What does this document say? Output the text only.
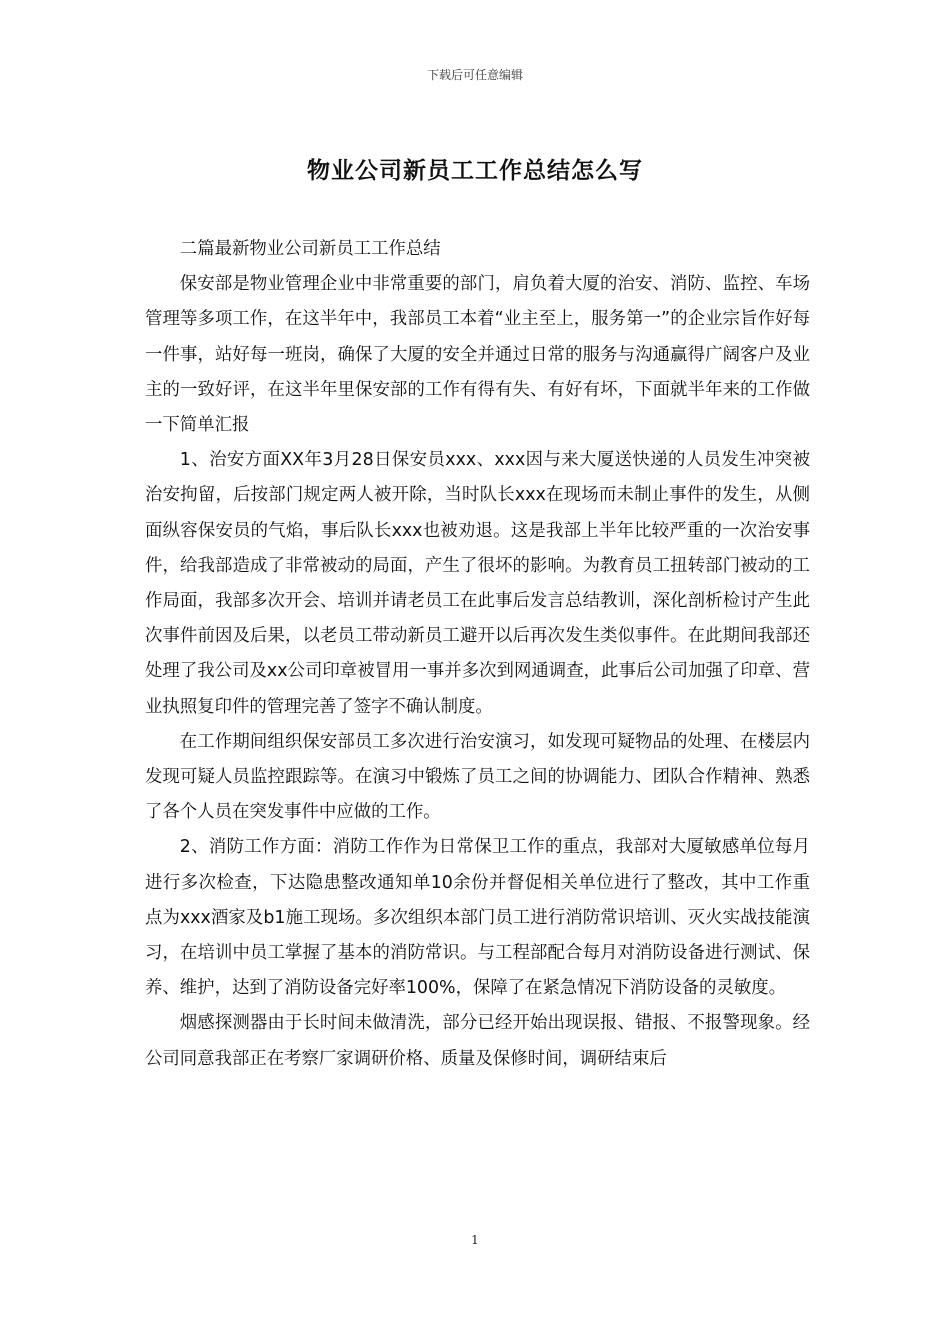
下载后可任意编辑
物业公司新员工工作总结怎么写

二篇最新物业公司新员工工作总结

保安部是物业管理企业中非常重要的部门，肩负着大厦的治安、消防、监控、车场管理等多项工作，在这半年中，我部员工本着“业主至上，服务第一”的企业宗旨作好每一件事，站好每一班岗，确保了大厦的安全并通过日常的服务与沟通赢得广阔客户及业主的一致好评，在这半年里保安部的工作有得有失、有好有坏，下面就半年来的工作做一下简单汇报

1、治安方面XX年3月28日保安员xxx、xxx因与来大厦送快递的人员发生冲突被治安拘留，后按部门规定两人被开除，当时队长xxx在现场而未制止事件的发生，从侧面纵容保安员的气焰，事后队长xxx也被劝退。这是我部上半年比较严重的一次治安事件，给我部造成了非常被动的局面，产生了很坏的影响。为教育员工扭转部门被动的工作局面，我部多次开会、培训并请老员工在此事后发言总结教训，深化剖析检讨产生此次事件前因及后果，以老员工带动新员工避开以后再次发生类似事件。在此期间我部还处理了我公司及xx公司印章被冒用一事并多次到网通调查，此事后公司加强了印章、营业执照复印件的管理完善了签字不确认制度。

在工作期间组织保安部员工多次进行治安演习，如发现可疑物品的处理、在楼层内发现可疑人员监控跟踪等。在演习中锻炼了员工之间的协调能力、团队合作精神、熟悉了各个人员在突发事件中应做的工作。

2、消防工作方面：消防工作作为日常保卫工作的重点，我部对大厦敏感单位每月进行多次检查，下达隐患整改通知单10余份并督促相关单位进行了整改，其中工作重点为xxx酒家及b1施工现场。多次组织本部门员工进行消防常识培训、灭火实战技能演习，在培训中员工掌握了基本的消防常识。与工程部配合每月对消防设备进行测试、保养、维护，达到了消防设备完好率100%，保障了在紧急情况下消防设备的灵敏度。

烟感探测器由于长时间未做清洗，部分已经开始出现误报、错报、不报警现象。经公司同意我部正在考察厂家调研价格、质量及保修时间，调研结束后

1
